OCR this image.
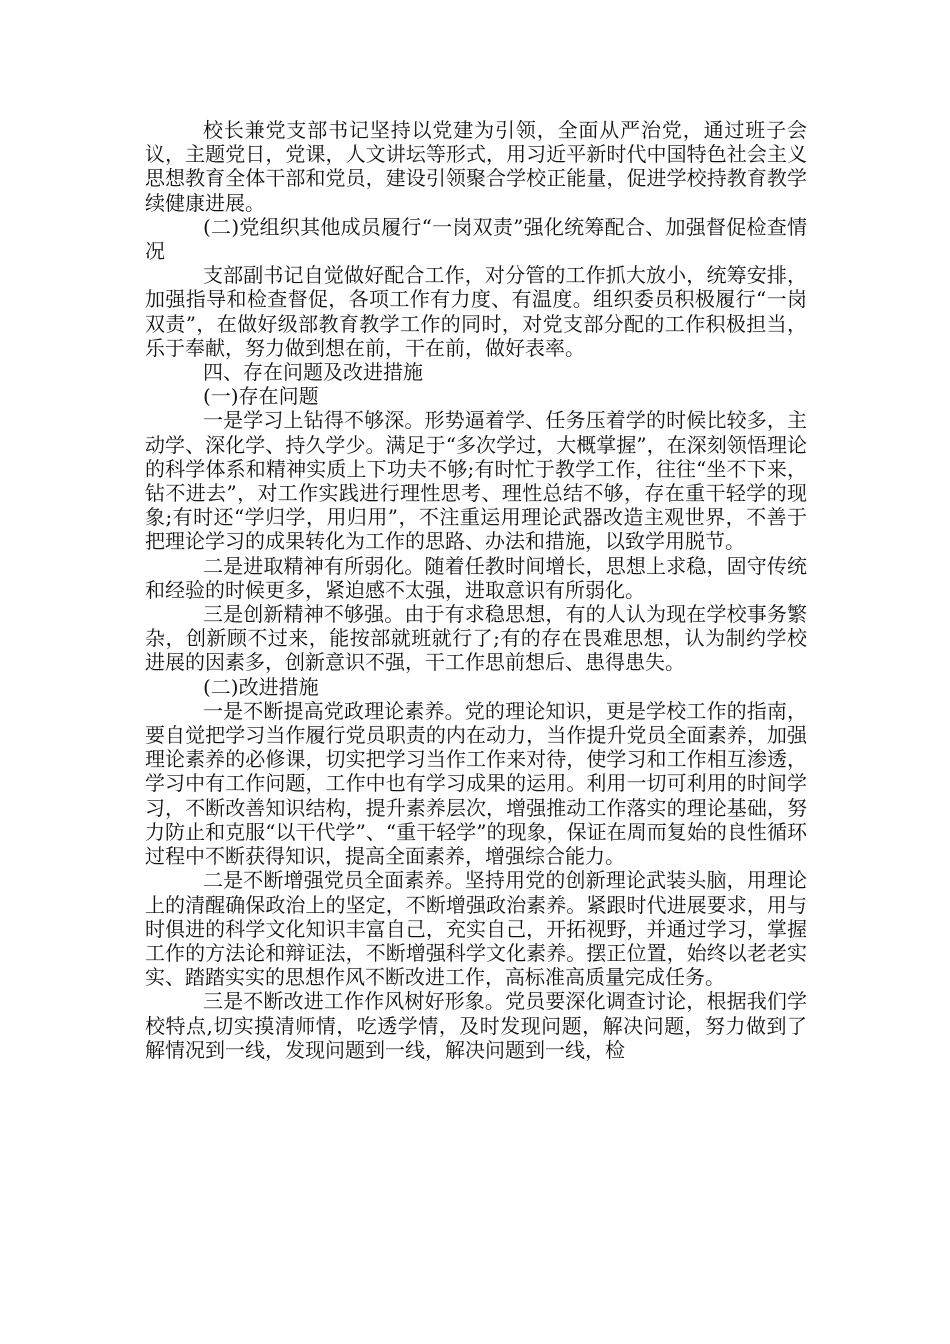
校长兼党支部书记坚持以党建为引领，全面从严治党，通过班子会议，主题党日，党课，人文讲坛等形式，用习近平新时代中国特色社会主义思想教育全体干部和党员，建设引领聚合学校正能量，促进学校持教育教学续健康进展。

(二)党组织其他成员履行“一岗双责”强化统筹配合、加强督促检查情况

支部副书记自觉做好配合工作，对分管的工作抓大放小，统筹安排，加强指导和检查督促，各项工作有力度、有温度。组织委员积极履行“一岗双责”，在做好级部教育教学工作的同时，对党支部分配的工作积极担当，乐于奉献，努力做到想在前，干在前，做好表率。

四、存在问题及改进措施

(一)存在问题

一是学习上钻得不够深。形势逼着学、任务压着学的时候比较多，主动学、深化学、持久学少。满足于“多次学过，大概掌握”，在深刻领悟理论的科学体系和精神实质上下功夫不够;有时忙于教学工作，往往“坐不下来，钻不进去”，对工作实践进行理性思考、理性总结不够，存在重干轻学的现象;有时还“学归学，用归用”，不注重运用理论武器改造主观世界，不善于把理论学习的成果转化为工作的思路、办法和措施，以致学用脱节。

二是进取精神有所弱化。随着任教时间增长，思想上求稳，固守传统和经验的时候更多，紧迫感不太强，进取意识有所弱化。

三是创新精神不够强。由于有求稳思想，有的人认为现在学校事务繁杂，创新顾不过来，能按部就班就行了;有的存在畏难思想，认为制约学校进展的因素多，创新意识不强，干工作思前想后、患得患失。

(二)改进措施

一是不断提高党政理论素养。党的理论知识，更是学校工作的指南，要自觉把学习当作履行党员职责的内在动力，当作提升党员全面素养，加强理论素养的必修课，切实把学习当作工作来对待，使学习和工作相互渗透，学习中有工作问题，工作中也有学习成果的运用。利用一切可利用的时间学习，不断改善知识结构，提升素养层次，增强推动工作落实的理论基础，努力防止和克服“以干代学”、“重干轻学”的现象，保证在周而复始的良性循环过程中不断获得知识，提高全面素养，增强综合能力。

二是不断增强党员全面素养。坚持用党的创新理论武装头脑，用理论上的清醒确保政治上的坚定，不断增强政治素养。紧跟时代进展要求，用与时俱进的科学文化知识丰富自己，充实自己，开拓视野，并通过学习，掌握工作的方法论和辩证法，不断增强科学文化素养。摆正位置，始终以老老实实、踏踏实实的思想作风不断改进工作，高标准高质量完成任务。

三是不断改进工作作风树好形象。党员要深化调查讨论，根据我们学校特点,切实摸清师情，吃透学情，及时发现问题，解决问题，努力做到了解情况到一线，发现问题到一线，解决问题到一线，检
